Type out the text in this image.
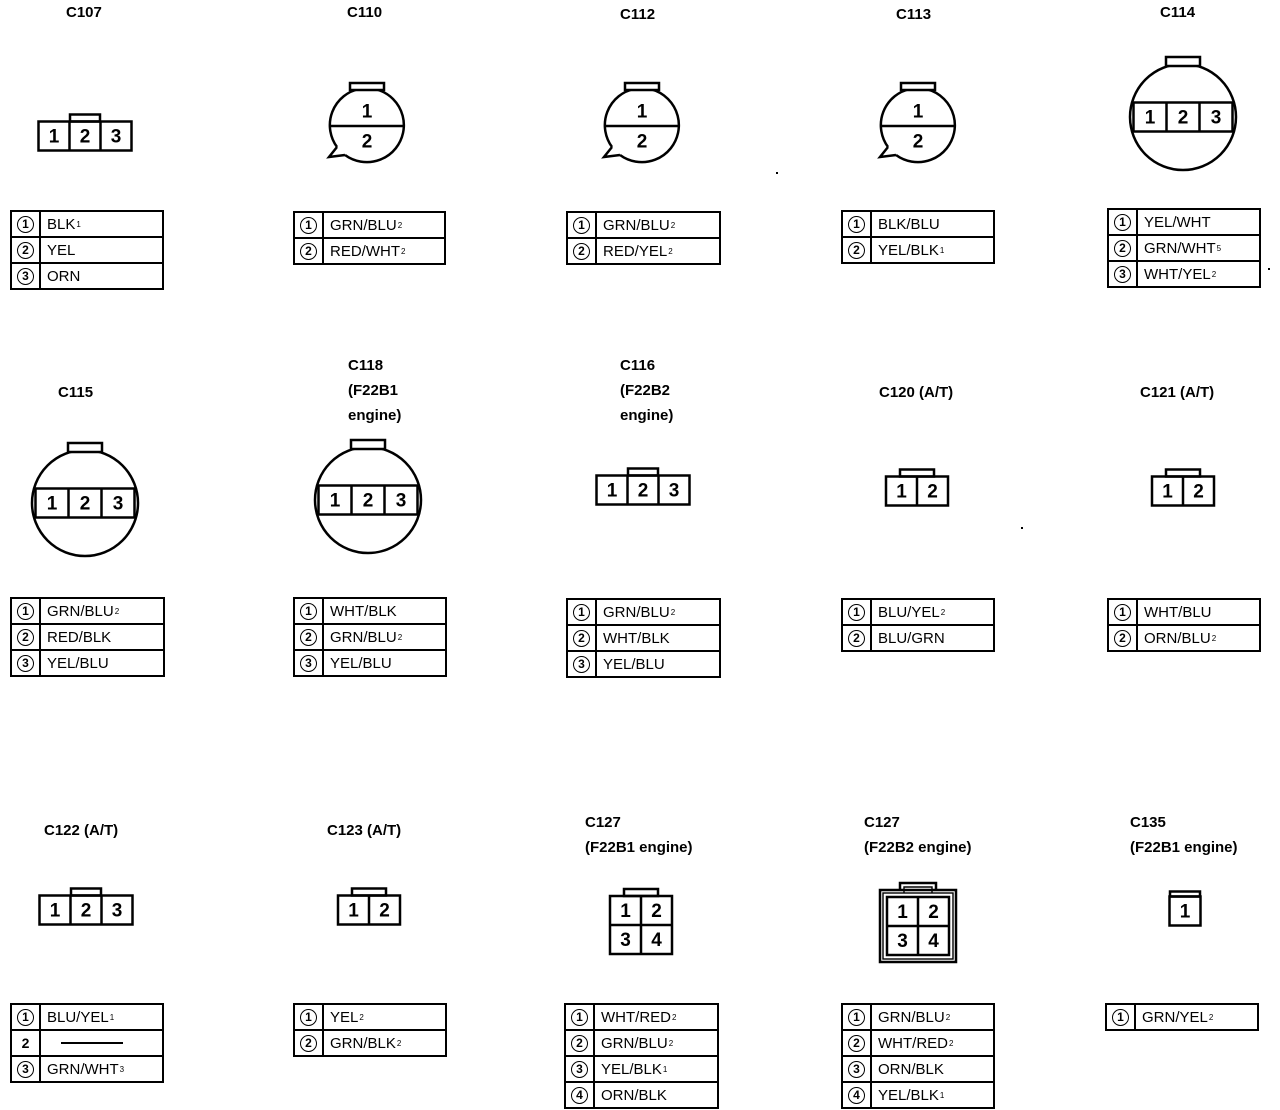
C107
1 2 3
1	BLK 1
2	YEL
3	ORN
C110
1
2
1	GRN/BLU 2
2	RED/WHT 2
C112
1
2
1	GRN/BLU 2
2	RED/YEL 2
C113
1
2
1	BLK/BLU
2	YEL/BLK 1
C114
1 2 3
1	YEL/WHT
2	GRN/WHT 5
3	WHT/YEL 2
C115
1 2 3
1	GRN/BLU 2
2	RED/BLK
3	YEL/BLU
C118
(F22B1
engine)
1 2 3
1	WHT/BLK
2	GRN/BLU 2
3	YEL/BLU
C116
(F22B2
engine)
1 2 3
1	GRN/BLU 2
2	WHT/BLK
3	YEL/BLU
C120 (A/T)
1 2
1	BLU/YEL 2
2	BLU/GRN
C121 (A/T)
1 2
1	WHT/BLU
2	ORN/BLU 2
C122 (A/T)
1 2 3
1	BLU/YEL 1
2
3	GRN/WHT 3
C123 (A/T)
1 2
1	YEL 2
2	GRN/BLK 2
C127
(F22B1 engine)
1 2
3 4
1	WHT/RED 2
2	GRN/BLU 2
3	YEL/BLK 1
4	ORN/BLK
C127
(F22B2 engine)
1 2
3 4
1	GRN/BLU 2
2	WHT/RED 2
3	ORN/BLK
4	YEL/BLK 1
C135
(F22B1 engine)
1
1	GRN/YEL 2
